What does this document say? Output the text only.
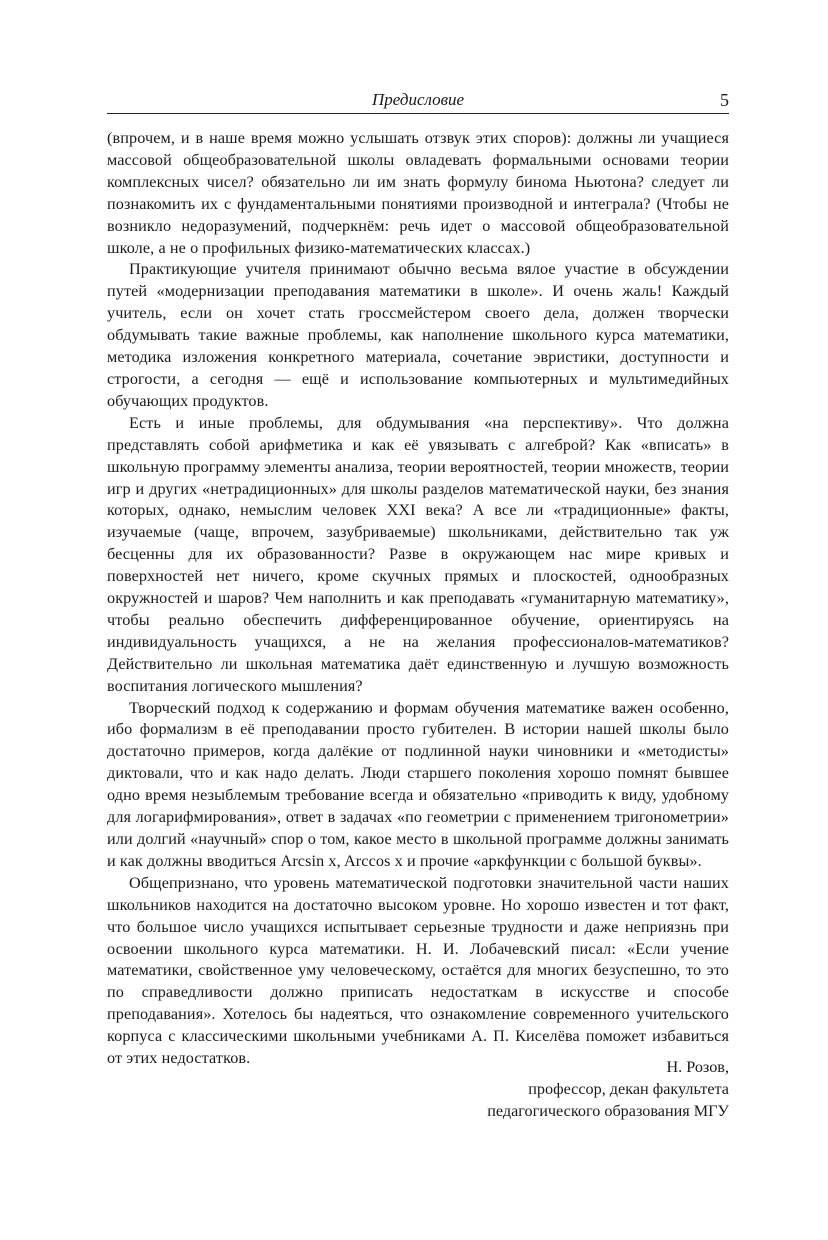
Предисловие	5

(впрочем, и в наше время можно услышать отзвук этих споров): должны ли учащиеся массовой общеобразовательной школы овладевать формальными основами теории комплексных чисел? обязательно ли им знать формулу бинома Ньютона? следует ли познакомить их с фундаментальными понятиями производной и интеграла? (Чтобы не возникло недоразумений, подчеркнём: речь идет о массовой общеобразовательной школе, а не о профильных физико-математических классах.)

Практикующие учителя принимают обычно весьма вялое участие в обсуждении путей «модернизации преподавания математики в школе». И очень жаль! Каждый учитель, если он хочет стать гроссмейстером своего дела, должен творчески обдумывать такие важные проблемы, как наполнение школьного курса математики, методика изложения конкретного материала, сочетание эвристики, доступности и строгости, а сегодня — ещё и использование компьютерных и мультимедийных обучающих продуктов.

Есть и иные проблемы, для обдумывания «на перспективу». Что должна представлять собой арифметика и как её увязывать с алгеброй? Как «вписать» в школьную программу элементы анализа, теории вероятностей, теории множеств, теории игр и других «нетрадиционных» для школы разделов математической науки, без знания которых, однако, немыслим человек XXI века? А все ли «традиционные» факты, изучаемые (чаще, впрочем, зазубриваемые) школьниками, действительно так уж бесценны для их образованности? Разве в окружающем нас мире кривых и поверхностей нет ничего, кроме скучных прямых и плоскостей, однообразных окружностей и шаров? Чем наполнить и как преподавать «гуманитарную математику», чтобы реально обеспечить дифференцированное обучение, ориентируясь на индивидуальность учащихся, а не на желания профессионалов-математиков? Действительно ли школьная математика даёт единственную и лучшую возможность воспитания логического мышления?

Творческий подход к содержанию и формам обучения математике важен особенно, ибо формализм в её преподавании просто губителен. В истории нашей школы было достаточно примеров, когда далёкие от подлинной науки чиновники и «методисты» диктовали, что и как надо делать. Люди старшего поколения хорошо помнят бывшее одно время незыблемым требование всегда и обязательно «приводить к виду, удобному для логарифмирования», ответ в задачах «по геометрии с применением тригонометрии» или долгий «научный» спор о том, какое место в школьной программе должны занимать и как должны вводиться Arcsin x, Arccos x и прочие «аркфункции с большой буквы».

Общепризнано, что уровень математической подготовки значительной части наших школьников находится на достаточно высоком уровне. Но хорошо известен и тот факт, что большое число учащихся испытывает серьезные трудности и даже неприязнь при освоении школьного курса математики. Н. И. Лобачевский писал: «Если учение математики, свойственное уму человеческому, остаётся для многих безуспешно, то это по справедливости должно приписать недостаткам в искусстве и способе преподавания». Хотелось бы надеяться, что ознакомление современного учительского корпуса с классическими школьными учебниками А. П. Киселёва поможет избавиться от этих недостатков.	Н. Розов,
профессор, декан факультета
педагогического образования МГУ
